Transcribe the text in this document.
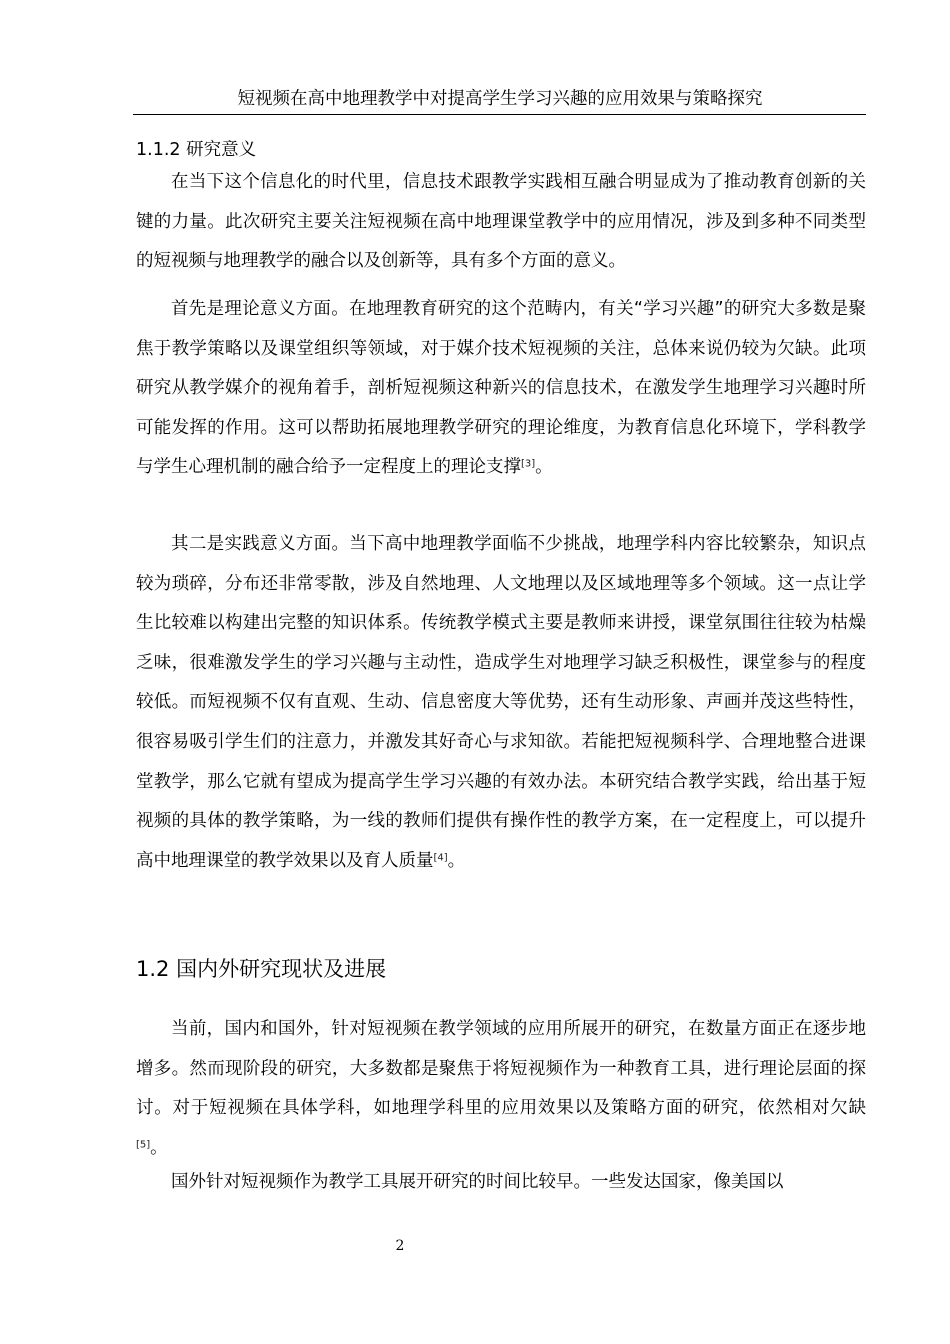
短视频在高中地理教学中对提高学生学习兴趣的应用效果与策略探究
1.1.2 研究意义

在当下这个信息化的时代里，信息技术跟教学实践相互融合明显成为了推动教育创新的关键的力量。此次研究主要关注短视频在高中地理课堂教学中的应用情况，涉及到多种不同类型的短视频与地理教学的融合以及创新等，具有多个方面的意义。

首先是理论意义方面。在地理教育研究的这个范畴内，有关“学习兴趣”的研究大多数是聚焦于教学策略以及课堂组织等领域，对于媒介技术短视频的关注，总体来说仍较为欠缺。此项研究从教学媒介的视角着手，剖析短视频这种新兴的信息技术，在激发学生地理学习兴趣时所可能发挥的作用。这可以帮助拓展地理教学研究的理论维度，为教育信息化环境下，学科教学与学生心理机制的融合给予一定程度上的理论支撑[3]。

其二是实践意义方面。当下高中地理教学面临不少挑战，地理学科内容比较繁杂，知识点较为琐碎，分布还非常零散，涉及自然地理、人文地理以及区域地理等多个领域。这一点让学生比较难以构建出完整的知识体系。传统教学模式主要是教师来讲授，课堂氛围往往较为枯燥乏味，很难激发学生的学习兴趣与主动性，造成学生对地理学习缺乏积极性，课堂参与的程度较低。而短视频不仅有直观、生动、信息密度大等优势，还有生动形象、声画并茂这些特性，很容易吸引学生们的注意力，并激发其好奇心与求知欲。若能把短视频科学、合理地整合进课堂教学，那么它就有望成为提高学生学习兴趣的有效办法。本研究结合教学实践，给出基于短视频的具体的教学策略，为一线的教师们提供有操作性的教学方案，在一定程度上，可以提升高中地理课堂的教学效果以及育人质量[4]。

1.2 国内外研究现状及进展

当前，国内和国外，针对短视频在教学领域的应用所展开的研究，在数量方面正在逐步地增多。然而现阶段的研究，大多数都是聚焦于将短视频作为一种教育工具，进行理论层面的探讨。对于短视频在具体学科，如地理学科里的应用效果以及策略方面的研究，依然相对欠缺[5]。

国外针对短视频作为教学工具展开研究的时间比较早。一些发达国家，像美国以

2
